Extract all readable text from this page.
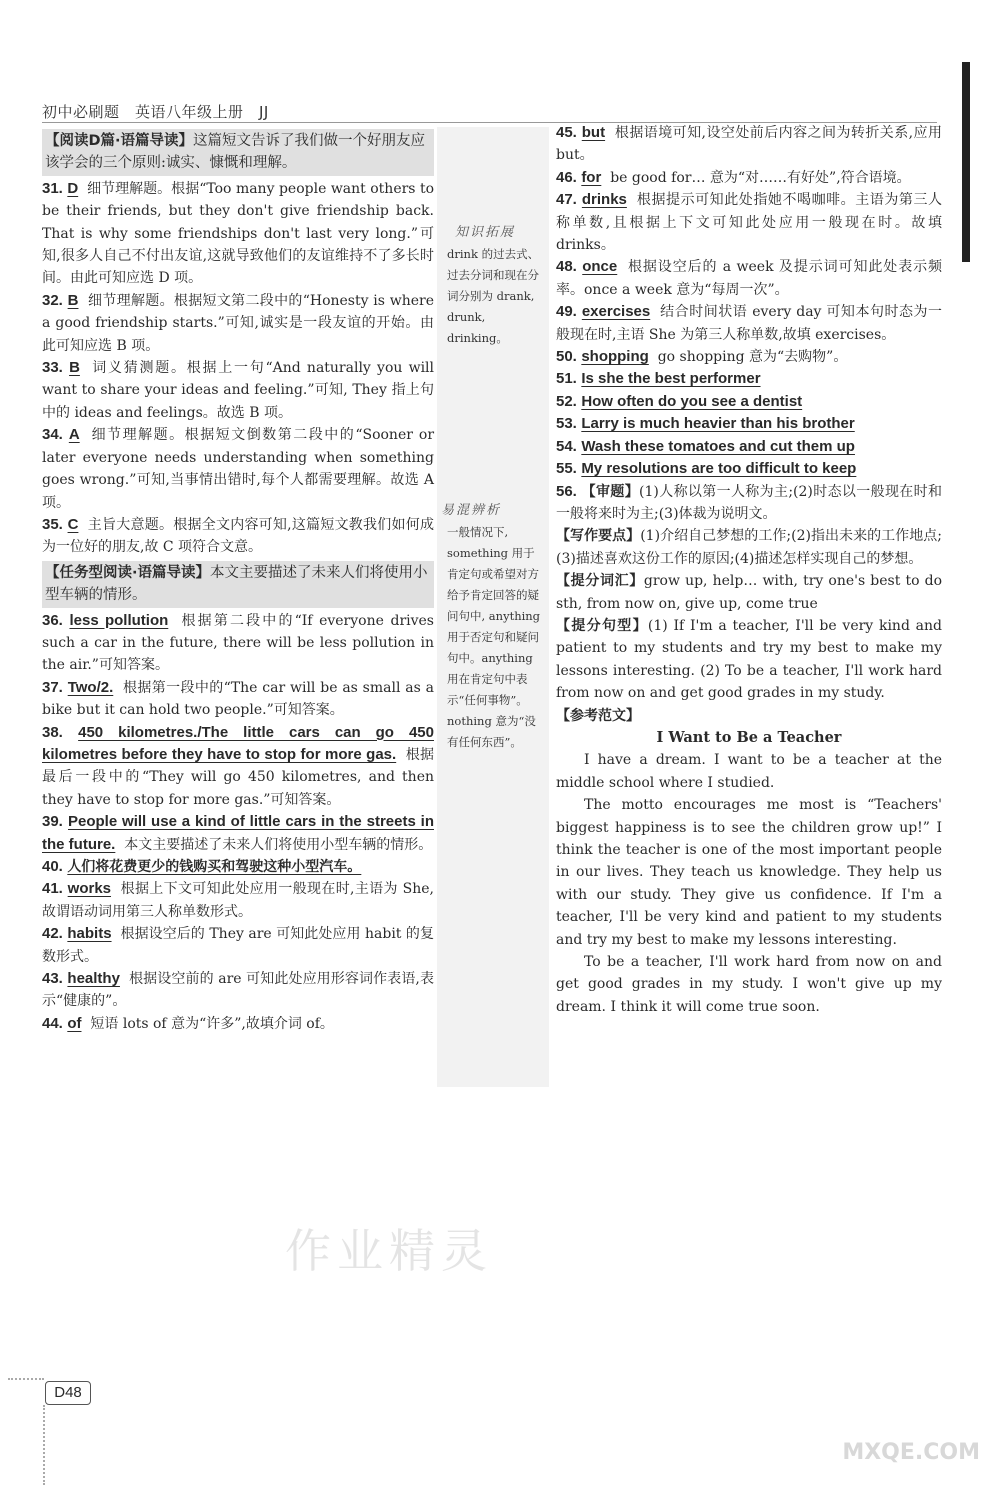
初中必刷题　英语八年级上册　JJ
【阅读D篇·语篇导读】这篇短文告诉了我们做一个好朋友应该学会的三个原则:诚实、慷慨和理解。

31. D 细节理解题。根据“Too many people want others to be their friends, but they don't give friendship back. That is why some friendships don't last very long.”可知,很多人自己不付出友谊,这就导致他们的友谊维持不了多长时间。由此可知应选 D 项。

32. B 细节理解题。根据短文第二段中的“Honesty is where a good friendship starts.”可知,诚实是一段友谊的开始。由此可知应选 B 项。

33. B 词义猜测题。根据上一句“And naturally you will want to share your ideas and feeling.”可知, They 指上句中的 ideas and feelings。故选 B 项。

34. A 细节理解题。根据短文倒数第二段中的“Sooner or later everyone needs understanding when something goes wrong.”可知,当事情出错时,每个人都需要理解。故选 A 项。

35. C 主旨大意题。根据全文内容可知,这篇短文教我们如何成为一位好的朋友,故 C 项符合文意。

【任务型阅读·语篇导读】本文主要描述了未来人们将使用小型车辆的情形。

36. less pollution 根据第二段中的“If everyone drives such a car in the future, there will be less pollution in the air.”可知答案。

37. Two/2. 根据第一段中的“The car will be as small as a bike but it can hold two people.”可知答案。

38. 450 kilometres./The little cars can go 450 kilometres before they have to stop for more gas. 根据最后一段中的“They will go 450 kilometres, and then they have to stop for more gas.”可知答案。

39. People will use a kind of little cars in the streets in the future. 本文主要描述了未来人们将使用小型车辆的情形。

40. 人们将花费更少的钱购买和驾驶这种小型汽车。

41. works 根据上下文可知此处应用一般现在时,主语为 She,故谓语动词用第三人称单数形式。

42. habits 根据设空后的 They are 可知此处应用 habit 的复数形式。

43. healthy 根据设空前的 are 可知此处应用形容词作表语,表示“健康的”。

44. of 短语 lots of 意为“许多”,故填介词 of。

知识拓展
drink 的过去式、过去分词和现在分词分别为 drank, drunk, drinking。
易混辨析
一般情况下, something 用于肯定句或希望对方给予肯定回答的疑问句中, anything 用于否定句和疑问句中。anything 用在肯定句中表示“任何事物”。nothing 意为“没有任何东西”。

45. but 根据语境可知,设空处前后内容之间为转折关系,应用 but。

46. for be good for… 意为“对……有好处”,符合语境。

47. drinks 根据提示可知此处指她不喝咖啡。主语为第三人称单数,且根据上下文可知此处应用一般现在时。故填 drinks。

48. once 根据设空后的 a week 及提示词可知此处表示频率。once a week 意为“每周一次”。

49. exercises 结合时间状语 every day 可知本句时态为一般现在时,主语 She 为第三人称单数,故填 exercises。

50. shopping go shopping 意为“去购物”。

51. Is she the best performer

52. How often do you see a dentist

53. Larry is much heavier than his brother

54. Wash these tomatoes and cut them up

55. My resolutions are too difficult to keep

56. 【审题】(1)人称以第一人称为主;(2)时态以一般现在时和一般将来时为主;(3)体裁为说明文。

【写作要点】(1)介绍自己梦想的工作;(2)指出未来的工作地点;(3)描述喜欢这份工作的原因;(4)描述怎样实现自己的梦想。

【提分词汇】grow up, help… with, try one's best to do sth, from now on, give up, come true

【提分句型】(1) If I'm a teacher, I'll be very kind and patient to my students and try my best to make my lessons interesting. (2) To be a teacher, I'll work hard from now on and get good grades in my study.

【参考范文】

I Want to Be a Teacher

I have a dream. I want to be a teacher at the middle school where I studied.

The motto encourages me most is “Teachers' biggest happiness is to see the children grow up!” I think the teacher is one of the most important people in our lives. They teach us knowledge. They help us with our study. They give us confidence. If I'm a teacher, I'll be very kind and patient to my students and try my best to make my lessons interesting.

To be a teacher, I'll work hard from now on and get good grades in my study. I won't give up my dream. I think it will come true soon.

作业精灵
MXQE.COM
D48
